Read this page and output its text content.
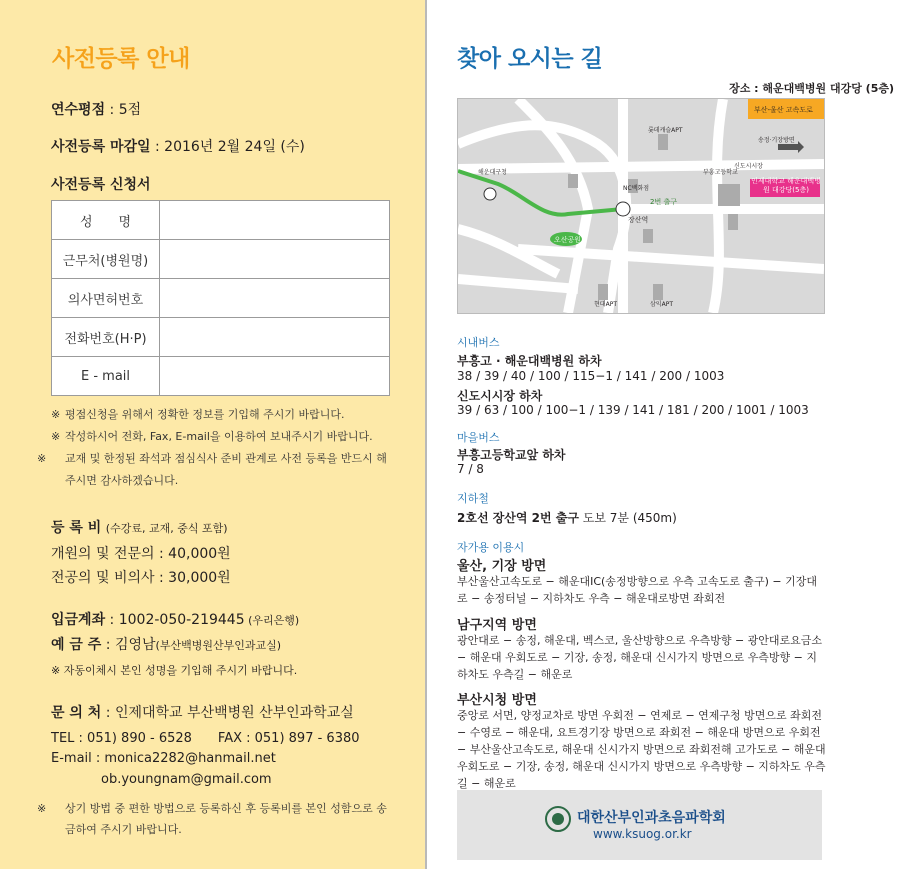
사전등록 안내
연수평점 : 5점
사전등록 마감일 : 2016년 2월 24일 (수)
사전등록 신청서
성　　명	
근무처(병원명)	
의사면허번호	
전화번호(H·P)	
E - mail	
※ 평점신청을 위해서 정확한 정보를 기입해 주시기 바랍니다.
※ 작성하시어 전화, Fax, E-mail을 이용하여 보내주시기 바랍니다.
※ 교재 및 한정된 좌석과 점심식사 준비 관계로 사전 등록을 반드시 해 주시면 감사하겠습니다.
등 록 비 (수강료, 교재, 중식 포함)
개원의 및 전문의 : 40,000원
전공의 및 비의사 : 30,000원
입금계좌 : 1002-050-219445 (우리은행)
예 금 주 : 김영남(부산백병원산부인과교실)
※ 자동이체시 본인 성명을 기입해 주시기 바랍니다.
문 의 처 : 인제대학교 부산백병원 산부인과학교실
TEL : 051) 890 - 6528　　FAX : 051) 897 - 6380
E-mail : monica2282@hanmail.net
ob.youngnam@gmail.com
※ 상기 방법 중 편한 방법으로 등록하신 후 등록비를 본인 성함으로 송금하여 주시기 바랍니다.
찾아 오시는 길
장소 : 해운대백병원 대강당 (5층)
인제대학교 해운대백병원 대강당(5층)
장산역
2번 출구
오산공원
부산-울산 고속도로
송정·기장방면
롯데캐슬APT
부흥고등학교
NC백화점
신도시시장
해운대구청
현대APT	삼익APT
시내버스
부흥고 · 해운대백병원 하차
38 / 39 / 40 / 100 / 115−1 / 141 / 200 / 1003
신도시시장 하차
39 / 63 / 100 / 100−1 / 139 / 141 / 181 / 200 / 1001 / 1003
마을버스
부흥고등학교앞 하차
7 / 8
지하철
2호선 장산역 2번 출구 도보 7분 (450m)
자가용 이용시
울산, 기장 방면
부산울산고속도로 − 해운대IC(송정방향으로 우측 고속도로 출구) − 기장대로 − 송정터널 − 지하차도 우측 − 해운대로방면 좌회전
남구지역 방면
광안대로 − 송정, 해운대, 벡스코, 울산방향으로 우측방향 − 광안대로요금소 − 해운대 우회도로 − 기장, 송정, 해운대 신시가지 방면으로 우측방향 − 지하차도 우측길 − 해운로
부산시청 방면
중앙로 서면, 양정교차로 방면 우회전 − 연제로 − 연제구청 방면으로 좌회전 − 수영로 − 해운대, 요트경기장 방면으로 좌회전 − 해운대 방면으로 우회전 − 부산울산고속도로, 해운대 신시가지 방면으로 좌회전해 고가도로 − 해운대 우회도로 − 기장, 송정, 해운대 신시가지 방면으로 우측방향 − 지하차도 우측길 − 해운로
대한산부인과초음파학회
www.ksuog.or.kr
